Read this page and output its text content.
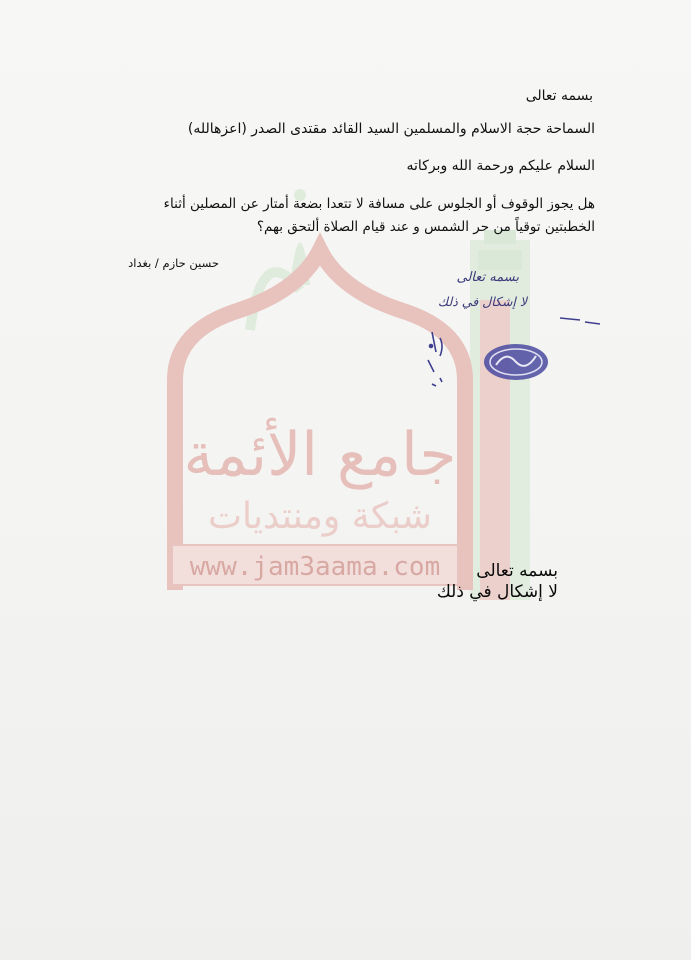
جامع الأئمة
شبكة ومنتديات
www.jam3aama.com
بسمه تعالى
السماحة حجة الاسلام والمسلمين السيد القائد مقتدى الصدر (اعزهالله)
السلام عليكم ورحمة الله وبركاته
هل يجوز الوقوف أو الجلوس على مسافة لا تتعدا بضعة أمتار عن المصلين أثناء
الخطبتين توقياً من حر الشمس و عند قيام الصلاة ألتحق بهم؟
حسين حازم / بغداد
بسمه تعالى
لا إشكال في ذلك
بسمه تعالى
لا إشكال في ذلك
